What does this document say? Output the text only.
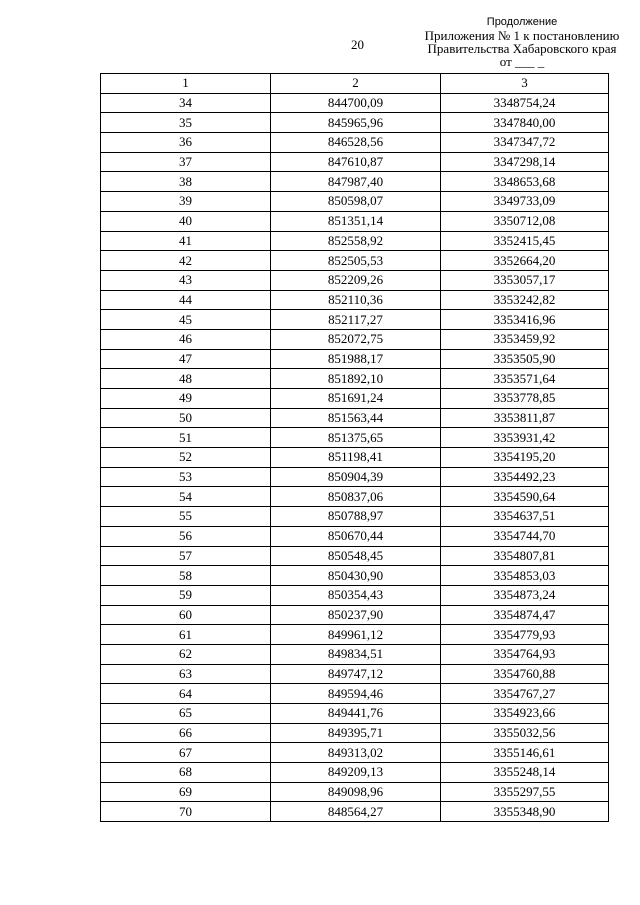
20
Продолжение
Приложения № 1 к постановлению
Правительства Хабаровского края
от ___ _
1	2	3
34	844700,09	3348754,24
35	845965,96	3347840,00
36	846528,56	3347347,72
37	847610,87	3347298,14
38	847987,40	3348653,68
39	850598,07	3349733,09
40	851351,14	3350712,08
41	852558,92	3352415,45
42	852505,53	3352664,20
43	852209,26	3353057,17
44	852110,36	3353242,82
45	852117,27	3353416,96
46	852072,75	3353459,92
47	851988,17	3353505,90
48	851892,10	3353571,64
49	851691,24	3353778,85
50	851563,44	3353811,87
51	851375,65	3353931,42
52	851198,41	3354195,20
53	850904,39	3354492,23
54	850837,06	3354590,64
55	850788,97	3354637,51
56	850670,44	3354744,70
57	850548,45	3354807,81
58	850430,90	3354853,03
59	850354,43	3354873,24
60	850237,90	3354874,47
61	849961,12	3354779,93
62	849834,51	3354764,93
63	849747,12	3354760,88
64	849594,46	3354767,27
65	849441,76	3354923,66
66	849395,71	3355032,56
67	849313,02	3355146,61
68	849209,13	3355248,14
69	849098,96	3355297,55
70	848564,27	3355348,90
